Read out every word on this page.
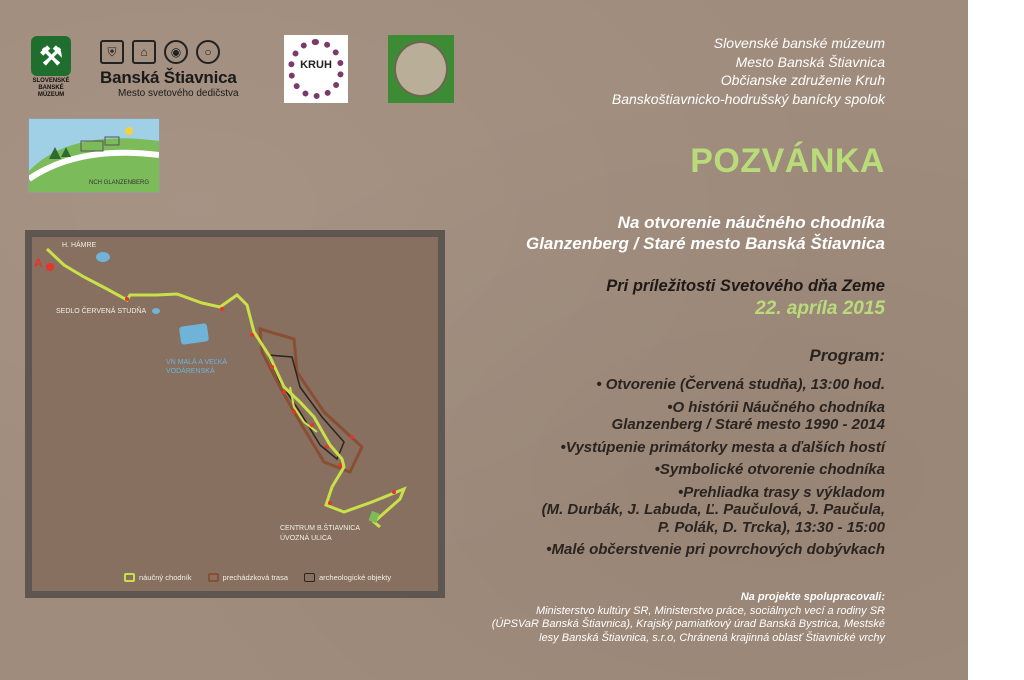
⚒
SLOVENSKÉ BANSKÉ MÚZEUM
⛨	⌂	◉	○
Banská Štiavnica
Mesto svetového dedičstva
KRUH
NCH GLANZENBERG
Slovenské banské múzeum
Mesto Banská Štiavnica
Občianske združenie Kruh
Banskoštiavnicko-hodrušský banícky spolok
POZVÁNKA
Na otvorenie náučného chodníka
Glanzenberg / Staré mesto Banská Štiavnica
Pri príležitosti Svetového dňa Zeme
22. apríla 2015
Program:
• Otvorenie (Červená studňa), 13:00 hod.
•O histórii Náučného chodníka
Glanzenberg / Staré mesto 1990 - 2014
•Vystúpenie primátorky mesta a ďalších hostí
•Symbolické otvorenie chodníka
•Prehliadka trasy s výkladom
(M. Durbák, J. Labuda, Ľ. Paučulová, J. Paučula,
P. Polák, D. Trcka), 13:30 - 15:00
•Malé občerstvenie pri povrchových dobývkach
Na projekte spolupracovali:
Ministerstvo kultúry SR, Ministerstvo práce, sociálnych vecí a rodiny SR
(ÚPSVaR Banská Štiavnica), Krajský pamiatkový úrad Banská Bystrica, Mestské
lesy Banská Štiavnica, s.r.o, Chránená krajinná oblasť Štiavnické vrchy
A
H. HÁMRE
SEDLO ČERVENÁ STUDŇA
VN MALÁ A VEĽKÁ
VODÁRENSKÁ
CENTRUM B.ŠTIAVNICA
ÚVOZNÁ ULICA
náučný chodník	prechádzková trasa	archeologické objekty
